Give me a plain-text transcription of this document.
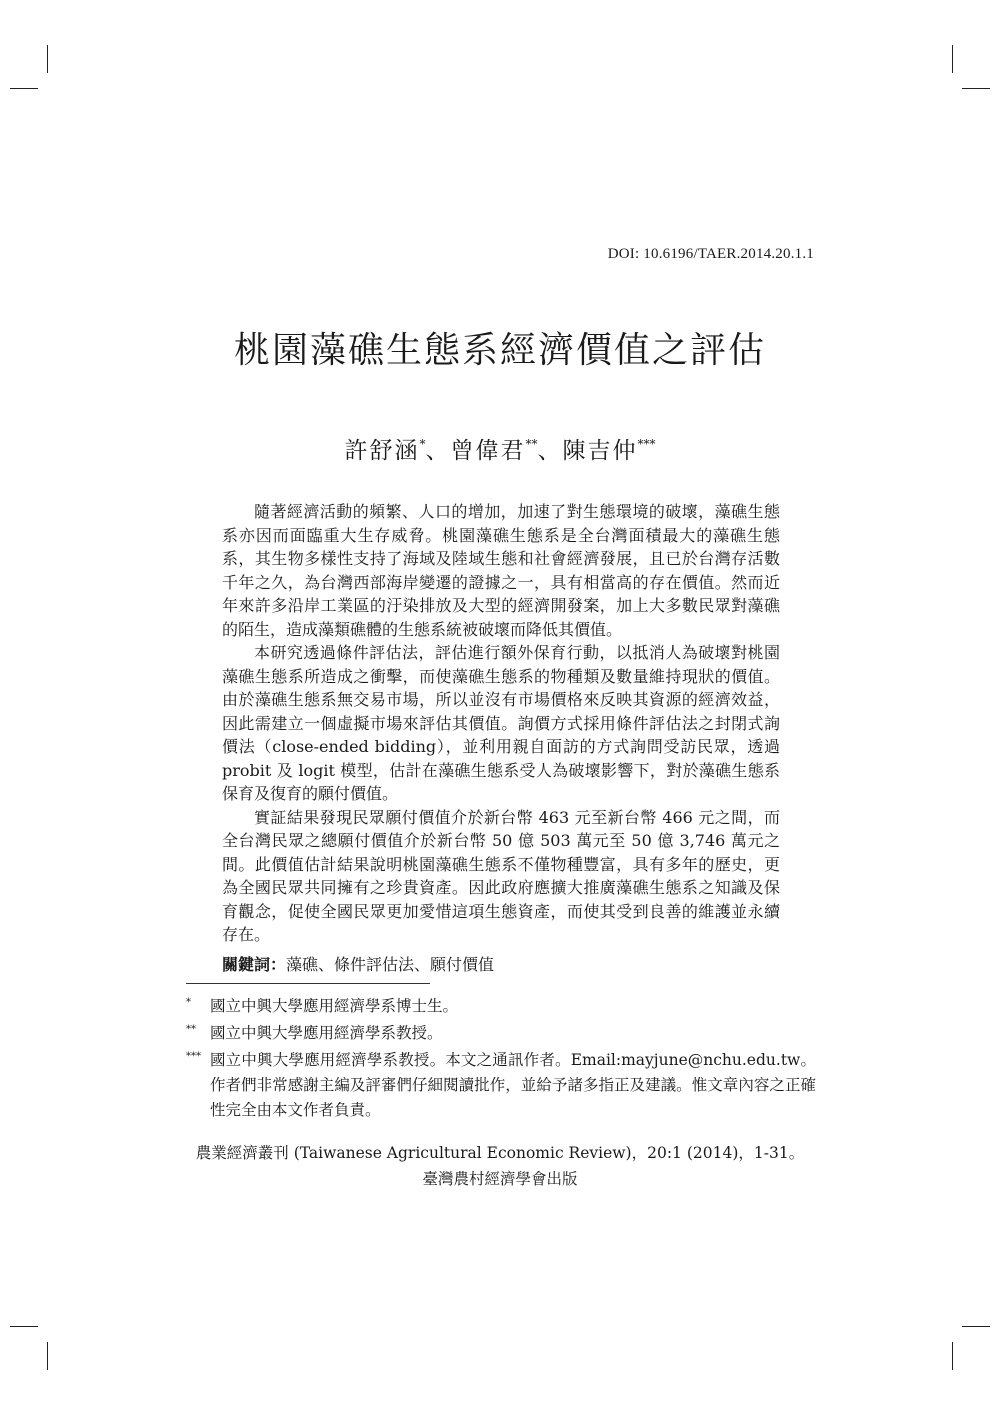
DOI: 10.6196/TAER.2014.20.1.1
桃園藻礁生態系經濟價值之評估
許舒涵*、曾偉君**、陳吉仲***

隨著經濟活動的頻繁、人口的增加，加速了對生態環境的破壞，藻礁生態系亦因而面臨重大生存威脅。桃園藻礁生態系是全台灣面積最大的藻礁生態系，其生物多樣性支持了海域及陸域生態和社會經濟發展，且已於台灣存活數千年之久，為台灣西部海岸變遷的證據之一，具有相當高的存在價值。然而近年來許多沿岸工業區的汙染排放及大型的經濟開發案，加上大多數民眾對藻礁的陌生，造成藻類礁體的生態系統被破壞而降低其價值。

本研究透過條件評估法，評估進行額外保育行動，以抵消人為破壞對桃園藻礁生態系所造成之衝擊，而使藻礁生態系的物種類及數量維持現狀的價值。由於藻礁生態系無交易市場，所以並沒有市場價格來反映其資源的經濟效益，因此需建立一個虛擬市場來評估其價值。詢價方式採用條件評估法之封閉式詢價法（close-ended bidding），並利用親自面訪的方式詢問受訪民眾，透過 probit 及 logit 模型，估計在藻礁生態系受人為破壞影響下，對於藻礁生態系保育及復育的願付價值。

實証結果發現民眾願付價值介於新台幣 463 元至新台幣 466 元之間，而全台灣民眾之總願付價值介於新台幣 50 億 503 萬元至 50 億 3,746 萬元之間。此價值估計結果說明桃園藻礁生態系不僅物種豐富，具有多年的歷史，更為全國民眾共同擁有之珍貴資產。因此政府應擴大推廣藻礁生態系之知識及保育觀念，促使全國民眾更加愛惜這項生態資產，而使其受到良善的維護並永續存在。

關鍵詞：藻礁、條件評估法、願付價值
*	國立中興大學應用經濟學系博士生。
** 國立中興大學應用經濟學系教授。
*** 國立中興大學應用經濟學系教授。本文之通訊作者。Email:mayjune@nchu.edu.tw。作者們非常感謝主編及評審們仔細閱讀批作，並給予諸多指正及建議。惟文章內容之正確性完全由本文作者負責。
農業經濟叢刊 (Taiwanese Agricultural Economic Review)，20:1 (2014)，1-31。
臺灣農村經濟學會出版
